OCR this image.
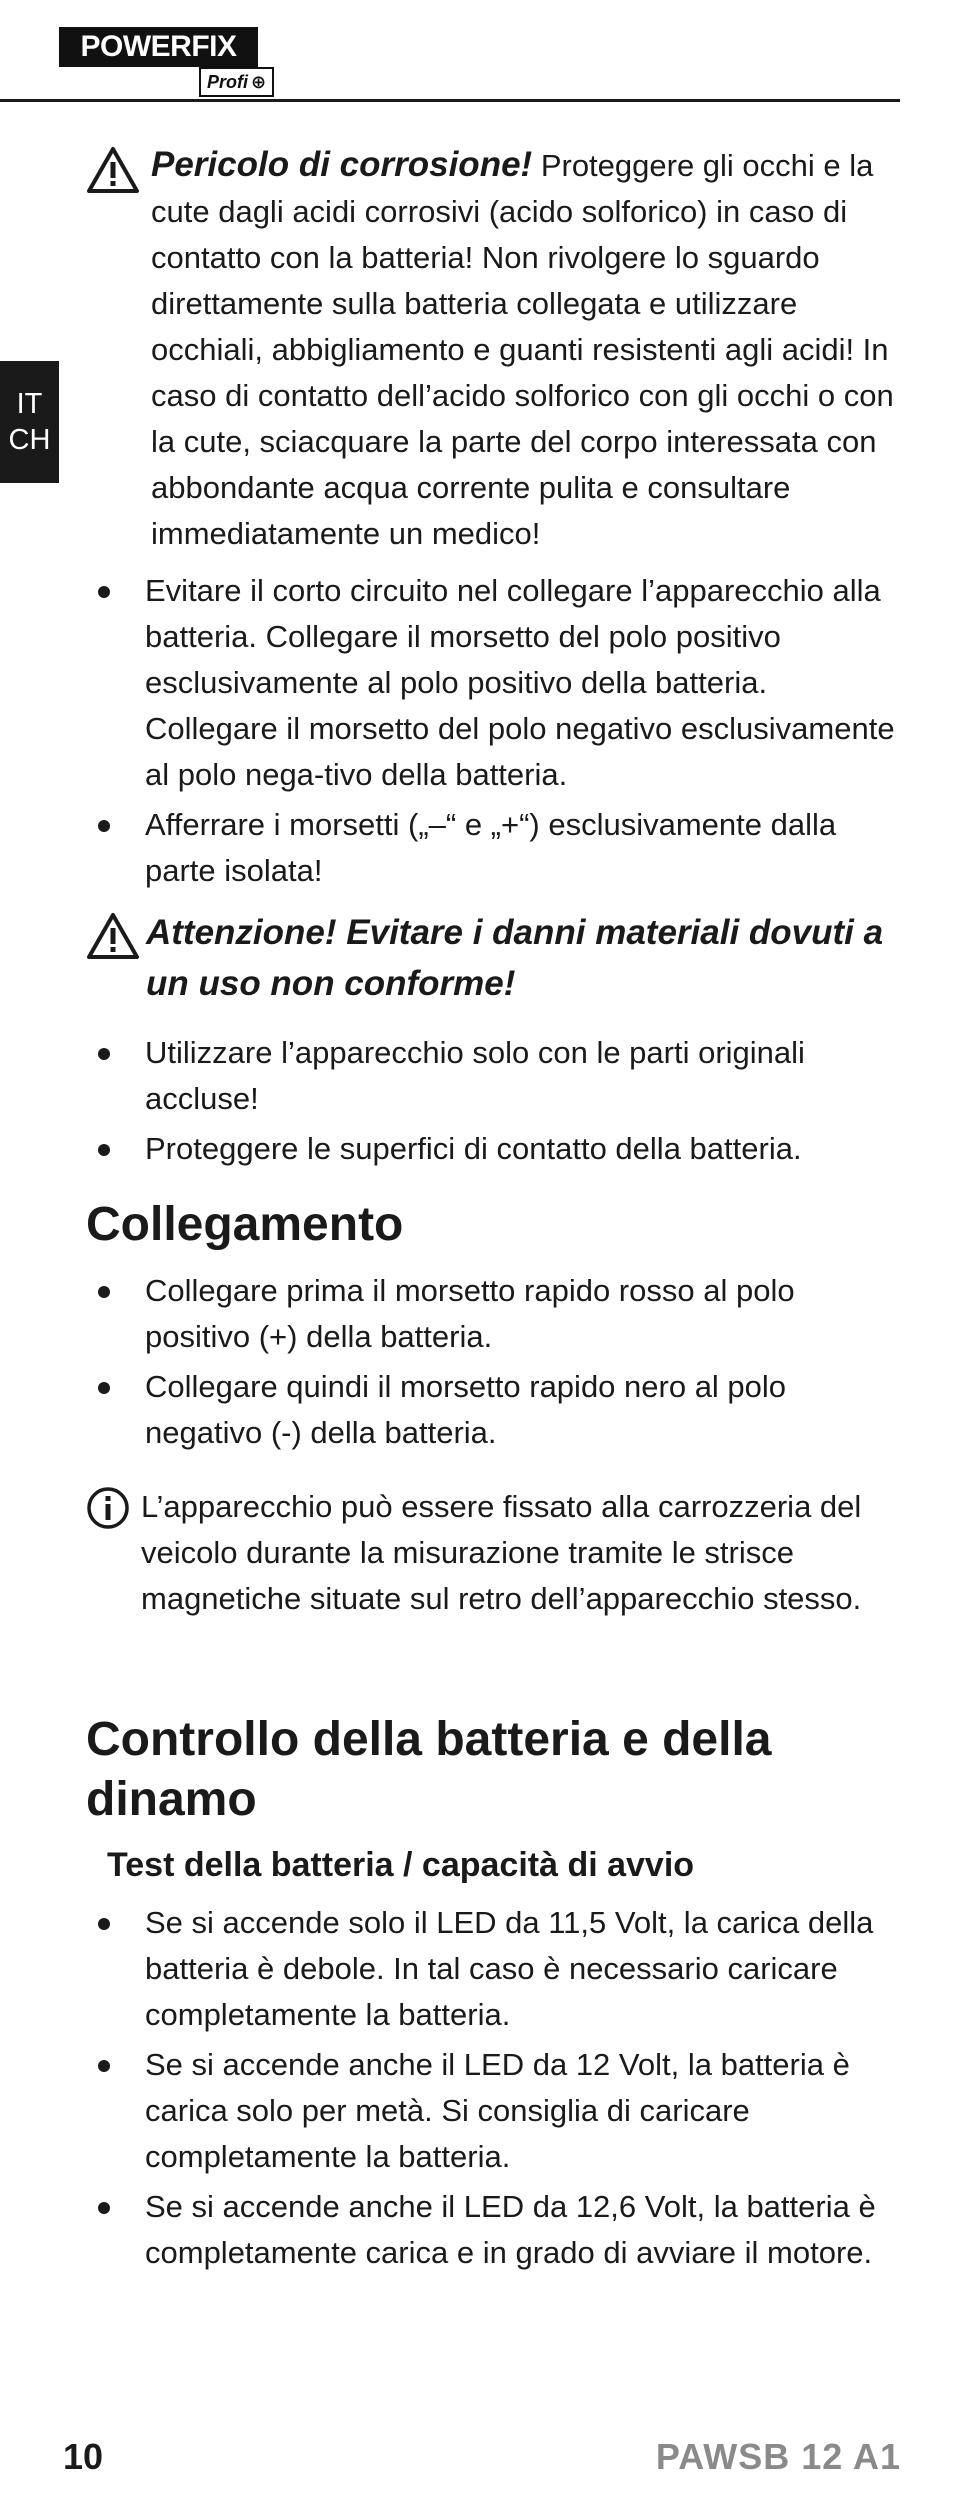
POWERFIX
Profi ⊕
IT
CH
Pericolo di corrosione! Proteggere gli occhi e la cute dagli acidi corrosivi (acido solforico) in caso di contatto con la batteria! Non rivolgere lo sguardo direttamente sulla batteria collegata e utilizzare occhiali, abbigliamento e guanti resistenti agli acidi! In caso di contatto dell’acido solforico con gli occhi o con la cute, sciacquare la parte del corpo interessata con abbondante acqua corrente pulita e consultare immediatamente un medico!
Evitare il corto circuito nel collegare l’apparecchio alla batteria. Collegare il morsetto del polo positivo esclusivamente al polo positivo della batteria. Collegare il morsetto del polo negativo esclusivamente al polo nega-tivo della batteria.
Afferrare i morsetti („–“ e „+“) esclusivamente dalla parte isolata!
Attenzione! Evitare i danni materiali dovuti a un uso non conforme!
Utilizzare l’apparecchio solo con le parti originali accluse!
Proteggere le superfici di contatto della batteria.
Collegamento
Collegare prima il morsetto rapido rosso al polo positivo (+) della batteria.
Collegare quindi il morsetto rapido nero al polo negativo (-) della batteria.
L’apparecchio può essere fissato alla carrozzeria del veicolo durante la misurazione tramite le strisce magnetiche situate sul retro dell’apparecchio stesso.
Controllo della batteria e della dinamo
Test della batteria / capacità di avvio
Se si accende solo il LED da 11,5 Volt, la carica della batteria è debole. In tal caso è necessario caricare completamente la batteria.
Se si accende anche il LED da 12 Volt, la batteria è carica solo per metà. Si consiglia di caricare completamente la batteria.
Se si accende anche il LED da 12,6 Volt, la batteria è completamente carica e in grado di avviare il motore.
10	PAWSB 12 A1
